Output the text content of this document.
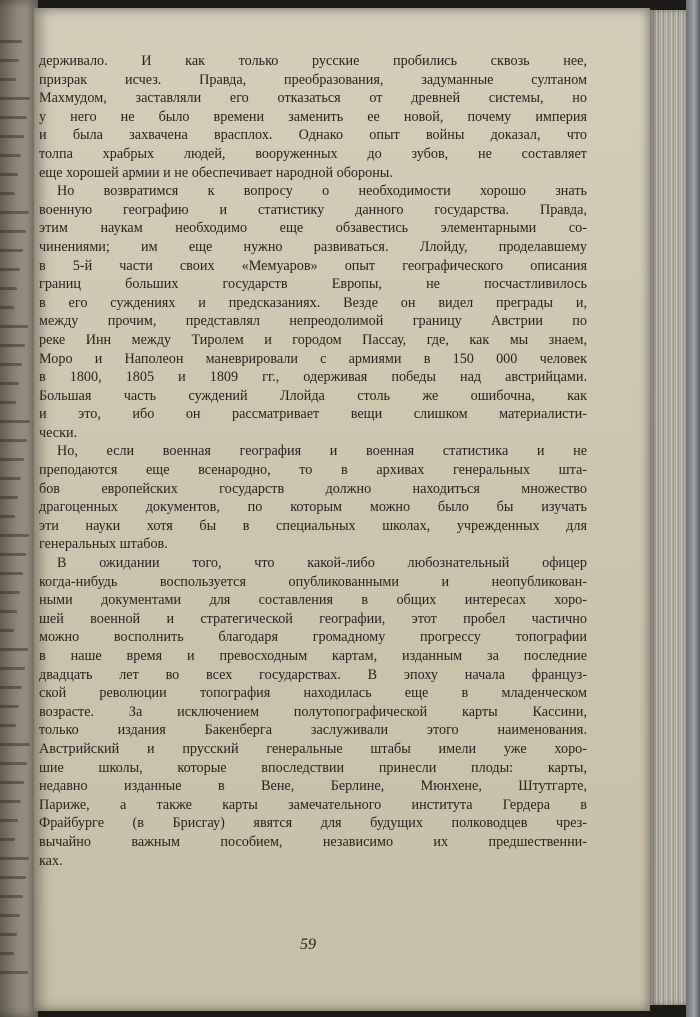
держивало. И как только русские пробились сквозь нее,
призрак исчез. Правда, преобразования, задуманные султаном
Махмудом, заставляли его отказаться от древней системы, но
у него не было времени заменить ее новой, почему империя
и была захвачена врасплох. Однако опыт войны доказал, что
толпа храбрых людей, вооруженных до зубов, не составляет
еще хорошей армии и не обеспечивает народной обороны.
Но возвратимся к вопросу о необходимости хорошо знать
военную географию и статистику данного государства. Правда,
этим наукам необходимо еще обзавестись элементарными со-
чинениями; им еще нужно развиваться. Ллойду, проделавшему
в 5-й части своих «Мемуаров» опыт географического описания
границ больших государств Европы, не посчастливилось
в его суждениях и предсказаниях. Везде он видел преграды и,
между прочим, представлял непреодолимой границу Австрии по
реке Инн между Тиролем и городом Пассау, где, как мы знаем,
Моро и Наполеон маневрировали с армиями в 150 000 человек
в 1800, 1805 и 1809 гг., одерживая победы над австрийцами.
Большая часть суждений Ллойда столь же ошибочна, как
и это, ибо он рассматривает вещи слишком материалисти-
чески.
Но, если военная география и военная статистика и не
преподаются еще всенародно, то в архивах генеральных шта-
бов европейских государств должно находиться множество
драгоценных документов, по которым можно было бы изучать
эти науки хотя бы в специальных школах, учрежденных для
генеральных штабов.
В ожидании того, что какой-либо любознательный офицер
когда-нибудь воспользуется опубликованными и неопубликован-
ными документами для составления в общих интересах хоро-
шей военной и стратегической географии, этот пробел частично
можно восполнить благодаря громадному прогрессу топографии
в наше время и превосходным картам, изданным за последние
двадцать лет во всех государствах. В эпоху начала француз-
ской революции топография находилась еще в младенческом
возрасте. За исключением полутопографической карты Кассини,
только издания Бакенберга заслуживали этого наименования.
Австрийский и прусский генеральные штабы имели уже хоро-
шие школы, которые впоследствии принесли плоды: карты,
недавно изданные в Вене, Берлине, Мюнхене, Штутгарте,
Париже, а также карты замечательного института Гердера в
Фрайбурге (в Брисгау) явятся для будущих полководцев чрез-
вычайно важным пособием, независимо их предшественни-
ках.
59
